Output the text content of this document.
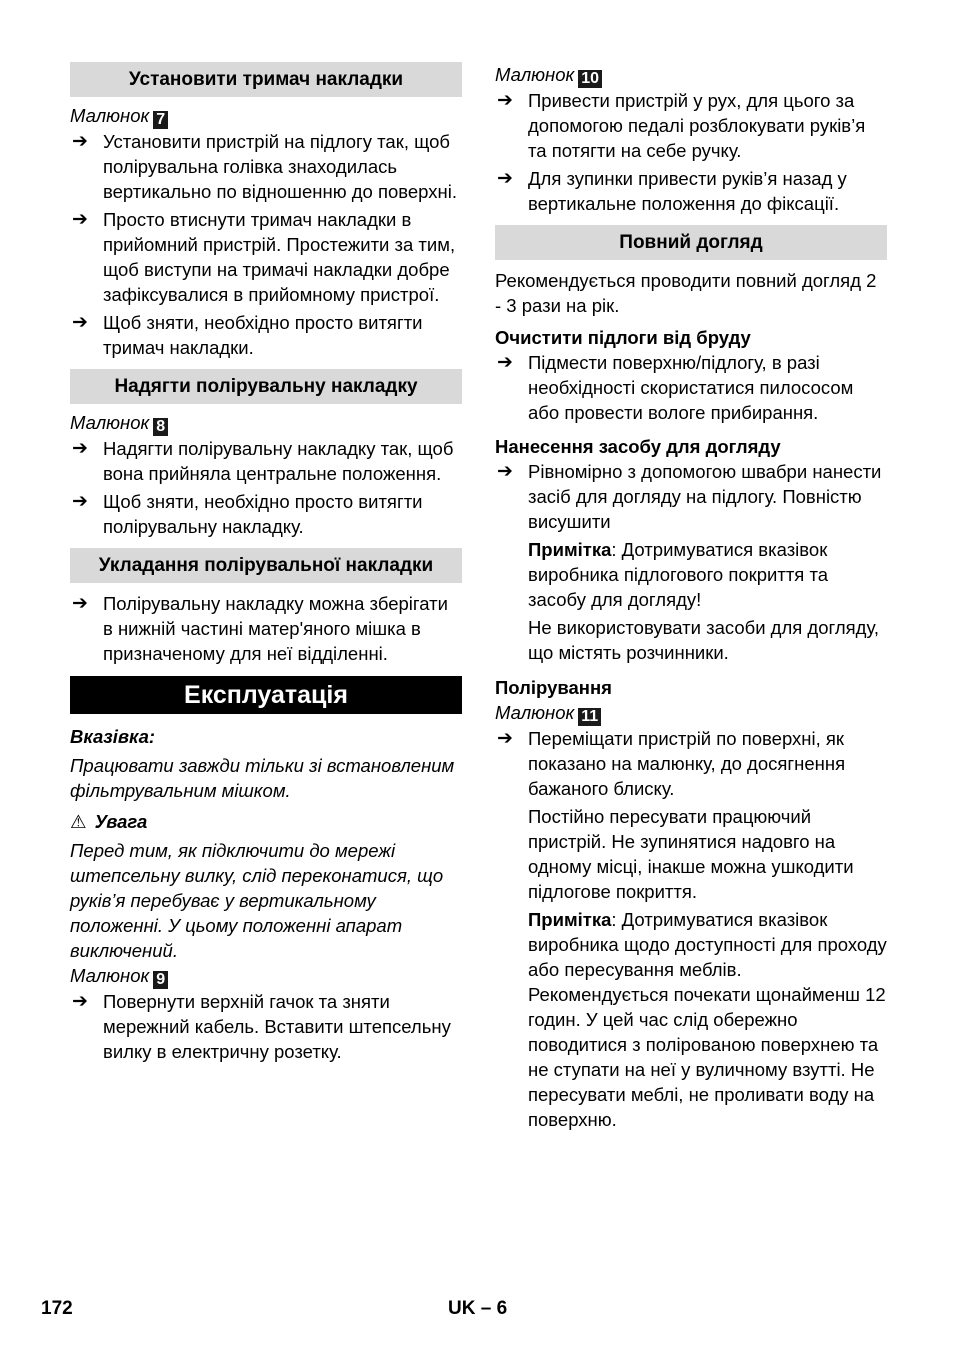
Установити тримач накладки
Малюнок 7
➔ Установити пристрій на підлогу так, щоб полірувальна голівка знаходилась вертикально по відношенню до поверхні.
➔ Просто втиснути тримач накладки в прийомний пристрій. Простежити за тим, щоб виступи на тримачі накладки добре зафіксувалися в прийомному пристрої.
➔ Щоб зняти, необхідно просто витягти тримач накладки.
Надягти полірувальну накладку
Малюнок 8
➔ Надягти полірувальну накладку так, щоб вона прийняла центральне положення.
➔ Щоб зняти, необхідно просто витягти полірувальну накладку.
Укладання полірувальної накладки
➔ Полірувальну накладку можна зберігати в нижній частині матер'яного мішка в призначеному для неї відділенні.
Експлуатація
Вказівка:
Працювати завжди тільки зі встановленим фільтрувальним мішком.
⚠ Увага
Перед тим, як підключити до мережі штепсельну вилку, слід переконатися, що руків’я перебуває у вертикальному положенні. У цьому положенні апарат виключений.
Малюнок 9
➔ Повернути верхній гачок та зняти мережний кабель. Вставити штепсельну вилку в електричну розетку.
Малюнок 10
➔ Привести пристрій у рух, для цього за допомогою педалі розблокувати руків’я та потягти на себе ручку.
➔ Для зупинки привести руків’я назад у вертикальне положення до фіксації.
Повний догляд
Рекомендується проводити повний догляд 2 - 3 рази на рік.
Очистити підлоги від бруду
➔ Підмести поверхню/підлогу, в разі необхідності скористатися пилососом або провести вологе прибирання.
Нанесення засобу для догляду
➔ Рівномірно з допомогою швабри нанести засіб для догляду на підлогу. Повністю висушити
Примітка: Дотримуватися вказівок виробника підлогового покриття та засобу для догляду!
Не використовувати засоби для догляду, що містять розчинники.
Полірування
Малюнок 11
➔ Переміщати пристрій по поверхні, як показано на малюнку, до досягнення бажаного блиску.
Постійно пересувати працюючий пристрій. Не зупинятися надовго на одному місці, інакше можна ушкодити підлогове покриття.
Примітка: Дотримуватися вказівок виробника щодо доступності для проходу або пересування меблів. Рекомендується почекати щонайменш 12 годин. У цей час слід обережно поводитися з полірованою поверхнею та не ступати на неї у вуличному взутті. Не пересувати меблі, не проливати воду на поверхню.
172	UK – 6
